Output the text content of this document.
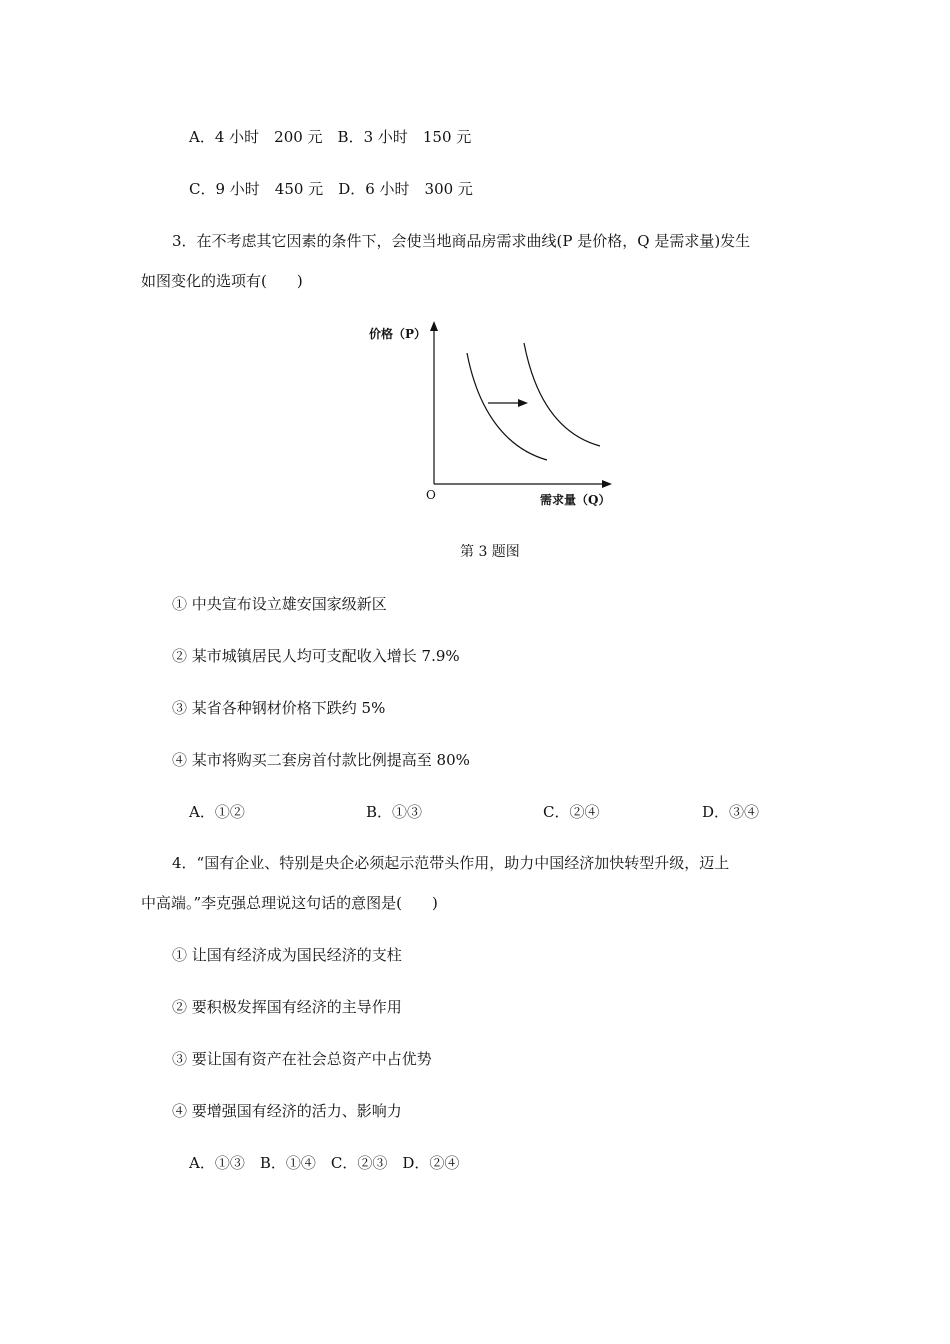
A．4 小时　200 元　B．3 小时　150 元
C．9 小时　450 元　D．6 小时　300 元
3．在不考虑其它因素的条件下，会使当地商品房需求曲线(P 是价格，Q 是需求量)发生
如图变化的选项有(　　)
价格（P）
O	需求量（Q）
第 3 题图
① 中央宣布设立雄安国家级新区
② 某市城镇居民人均可支配收入增长 7.9%
③ 某省各种钢材价格下跌约 5%
④ 某市将购买二套房首付款比例提高至 80%
A．①②	B．①③	C．②④	D．③④
4．“国有企业、特别是央企必须起示范带头作用，助力中国经济加快转型升级，迈上
中高端。”李克强总理说这句话的意图是(　　)
① 让国有经济成为国民经济的支柱
② 要积极发挥国有经济的主导作用
③ 要让国有资产在社会总资产中占优势
④ 要增强国有经济的活力、影响力
A．①③　B．①④　C．②③　D．②④
